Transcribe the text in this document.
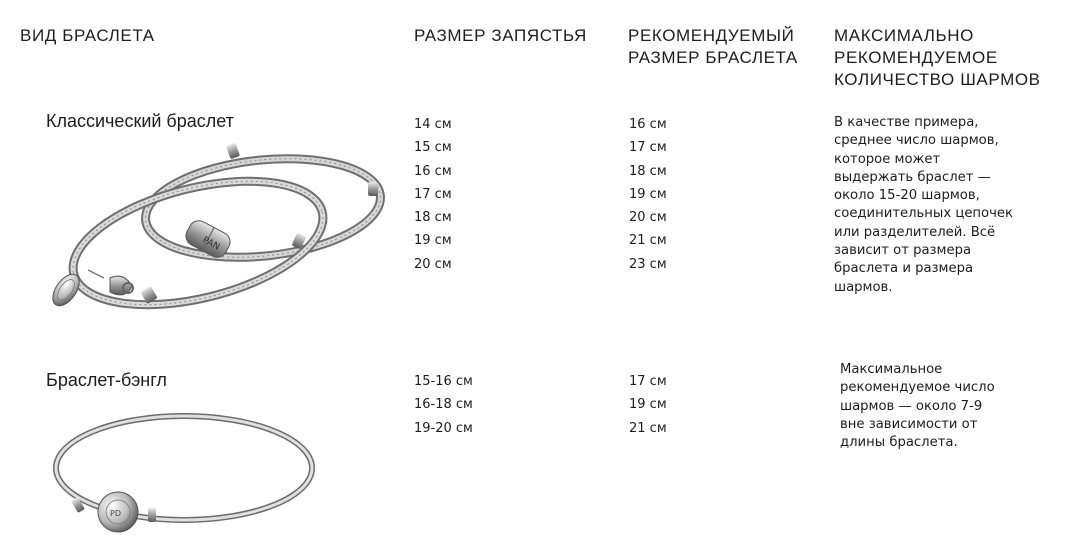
ВИД БРАСЛЕТА	РАЗМЕР ЗАПЯСТЬЯ РЕКОМЕНДУЕМЫЙ РАЗМЕР БРАСЛЕТА
МАКСИМАЛЬНО РЕКОМЕНДУЕМОЕ КОЛИЧЕСТВО ШАРМОВ
Классический браслет
PAN
14 см
15 см
16 см
17 см
18 см
19 см
20 см
16 см
17 см
18 см
19 см
20 см
21 см
23 см
В качестве примера,
среднее число шармов,
которое может
выдержать браслет —
около 15-20 шармов,
соединительных цепочек
или разделителей. Всё
зависит от размера
браслета и размера
шармов.
Браслет-бэнгл
PD
15-16 см
16-18 см
19-20 см
17 см
19 см
21 см
Максимальное
рекомендуемое число
шармов — около 7-9
вне зависимости от
длины браслета.
